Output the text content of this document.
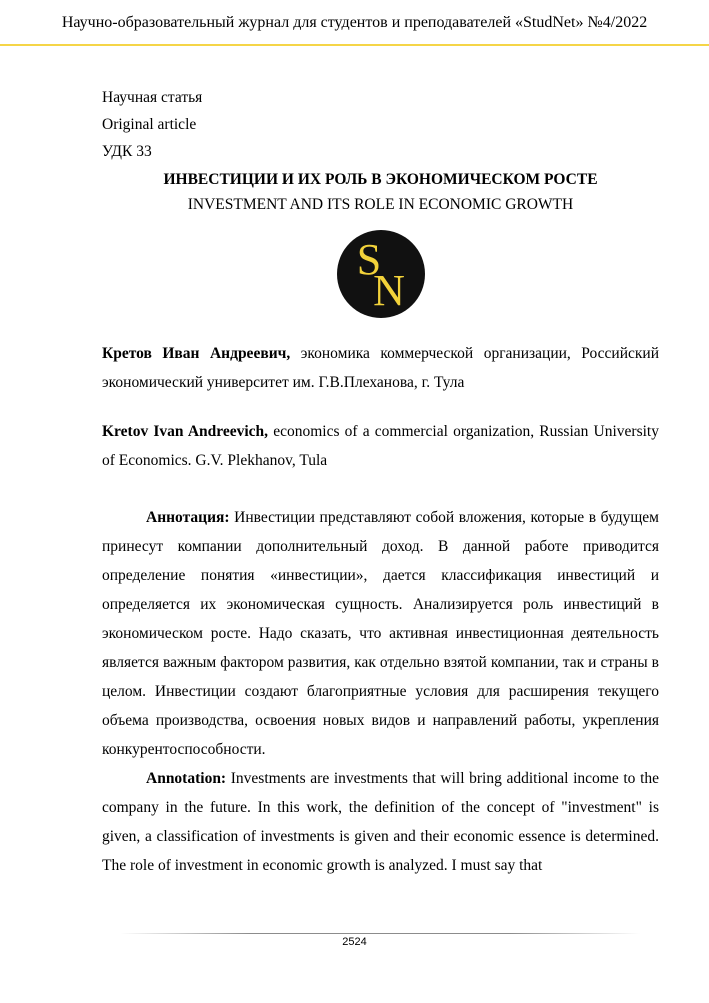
Научно-образовательный журнал для студентов и преподавателей «StudNet» №4/2022
Научная статья
Original article
УДК 33
ИНВЕСТИЦИИ И ИХ РОЛЬ В ЭКОНОМИЧЕСКОМ РОСТЕ
INVESTMENT AND ITS ROLE IN ECONOMIC GROWTH
S
N
Кретов Иван Андреевич, экономика коммерческой организации, Российский экономический университет им. Г.В.Плеханова, г. Тула
Kretov Ivan Andreevich, economics of a commercial organization, Russian University of Economics. G.V. Plekhanov, Tula
Аннотация: Инвестиции представляют собой вложения, которые в будущем принесут компании дополнительный доход. В данной работе приводится определение понятия «инвестиции», дается классификация инвестиций и определяется их экономическая сущность. Анализируется роль инвестиций в экономическом росте. Надо сказать, что активная инвестиционная деятельность является важным фактором развития, как отдельно взятой компании, так и страны в целом. Инвестиции создают благоприятные условия для расширения текущего объема производства, освоения новых видов и направлений работы, укрепления конкурентоспособности.
Annotation: Investments are investments that will bring additional income to the company in the future. In this work, the definition of the concept of "investment" is given, a classification of investments is given and their economic essence is determined. The role of investment in economic growth is analyzed. I must say that
2524
